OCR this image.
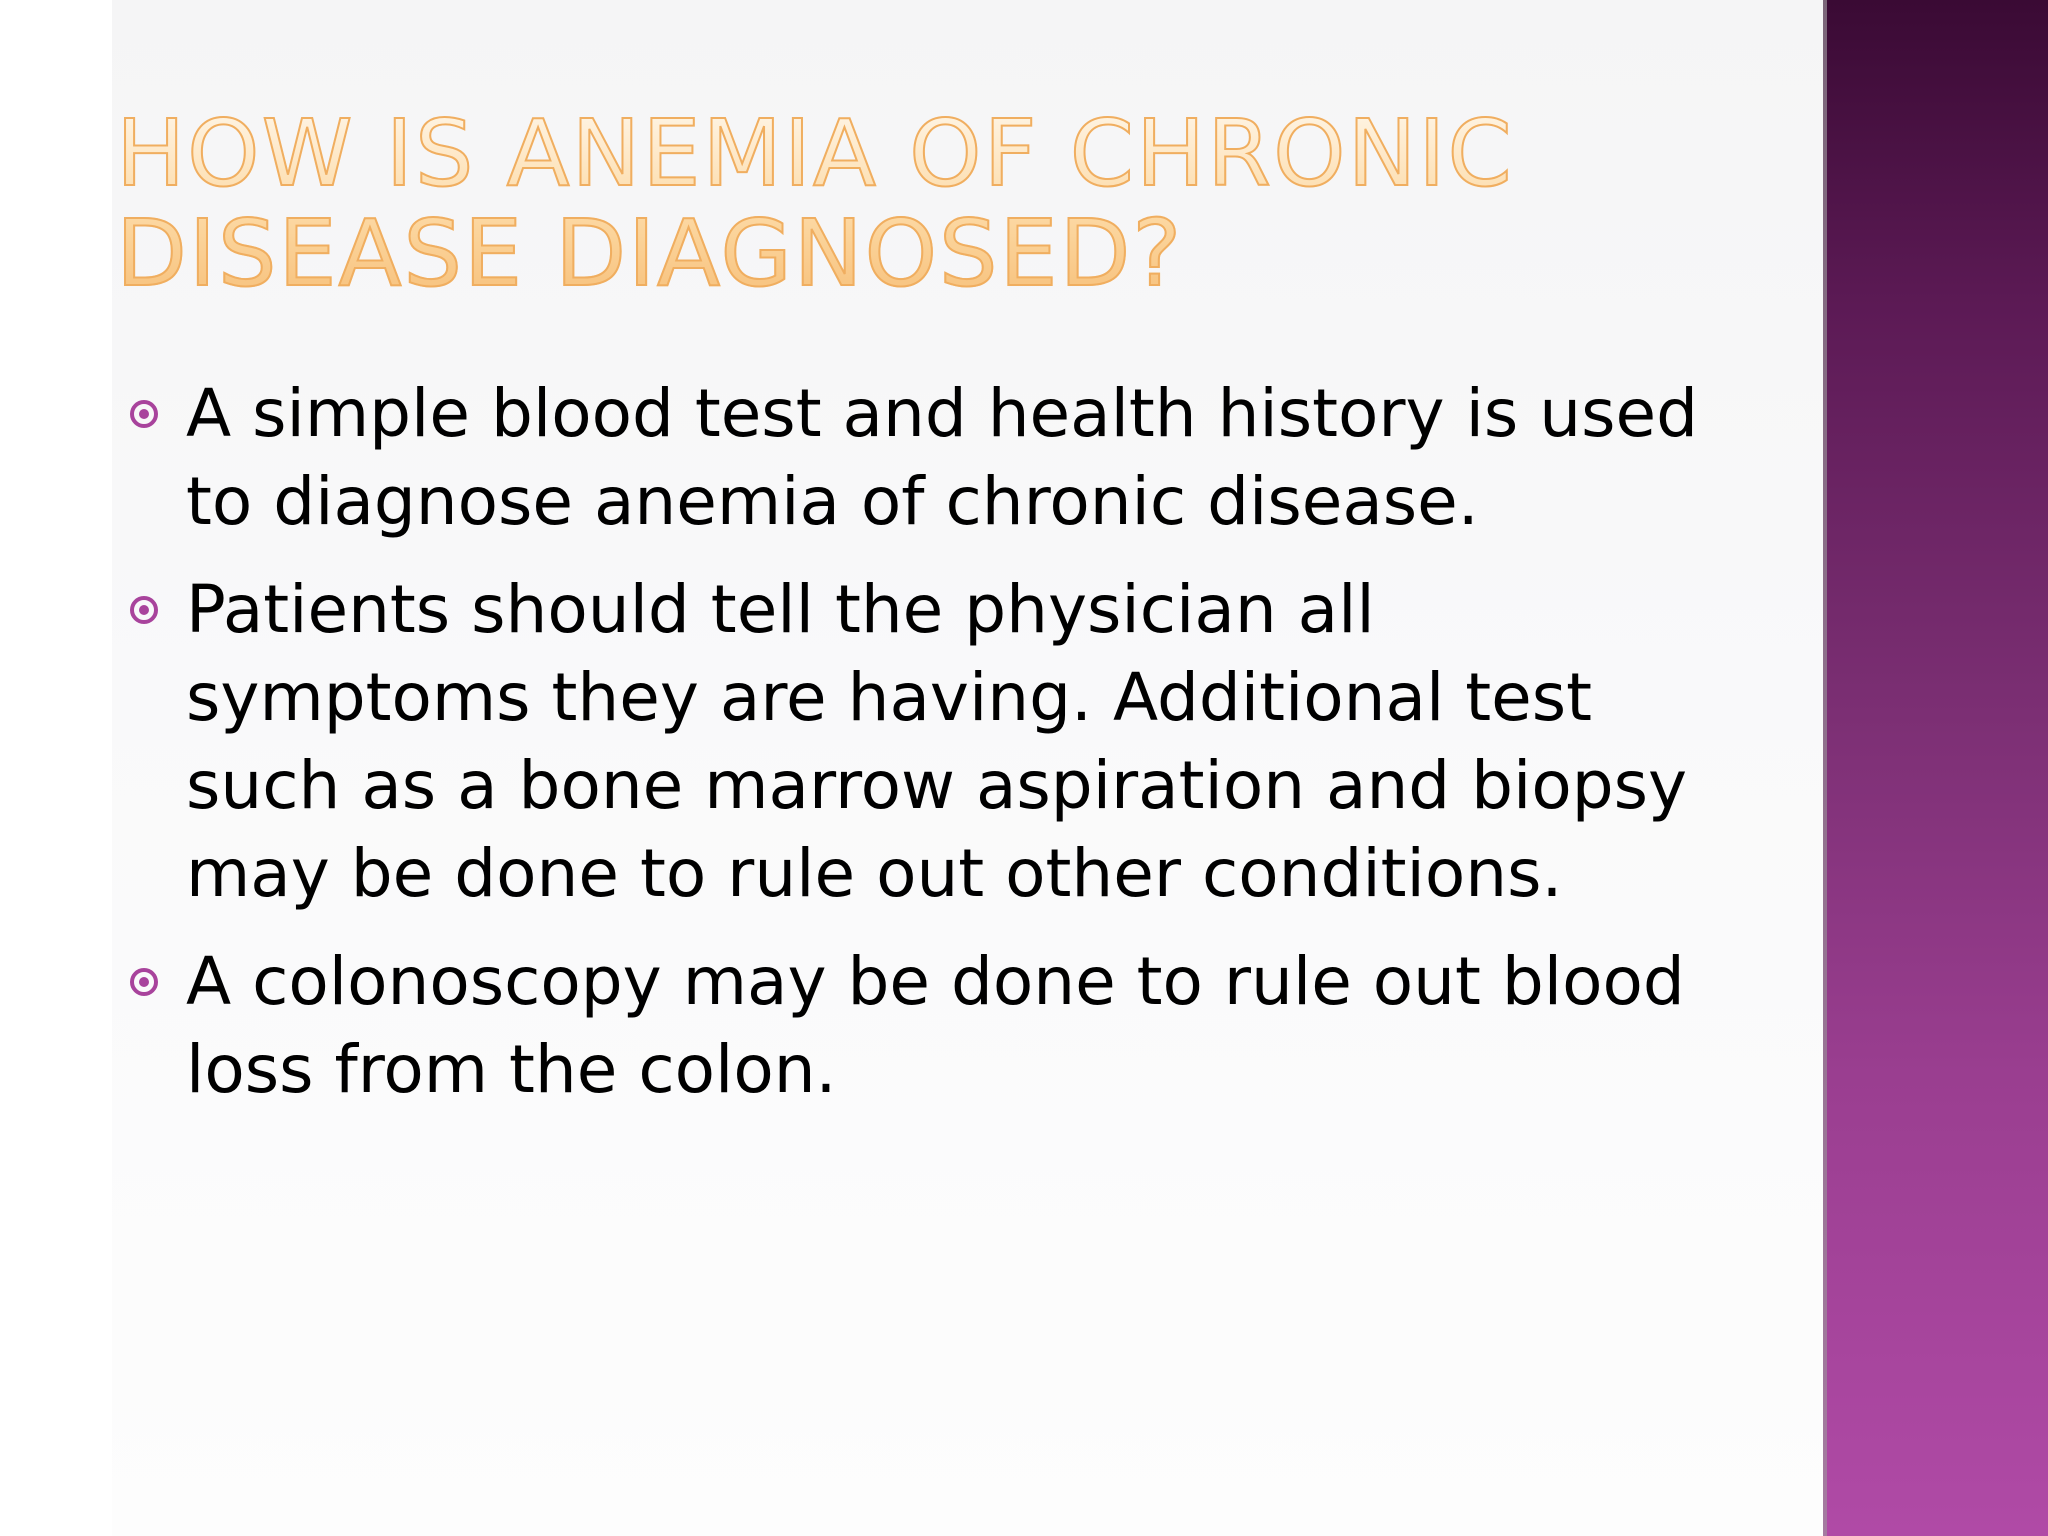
HOW IS ANEMIA OF CHRONIC
DISEASE DIAGNOSED?
A simple blood test and health history is used to diagnose anemia of chronic disease.
Patients should tell the physician all symptoms they are having. Additional test such as a bone marrow aspiration and biopsy may be done to rule out other conditions.
A colonoscopy may be done to rule out blood loss from the colon.
